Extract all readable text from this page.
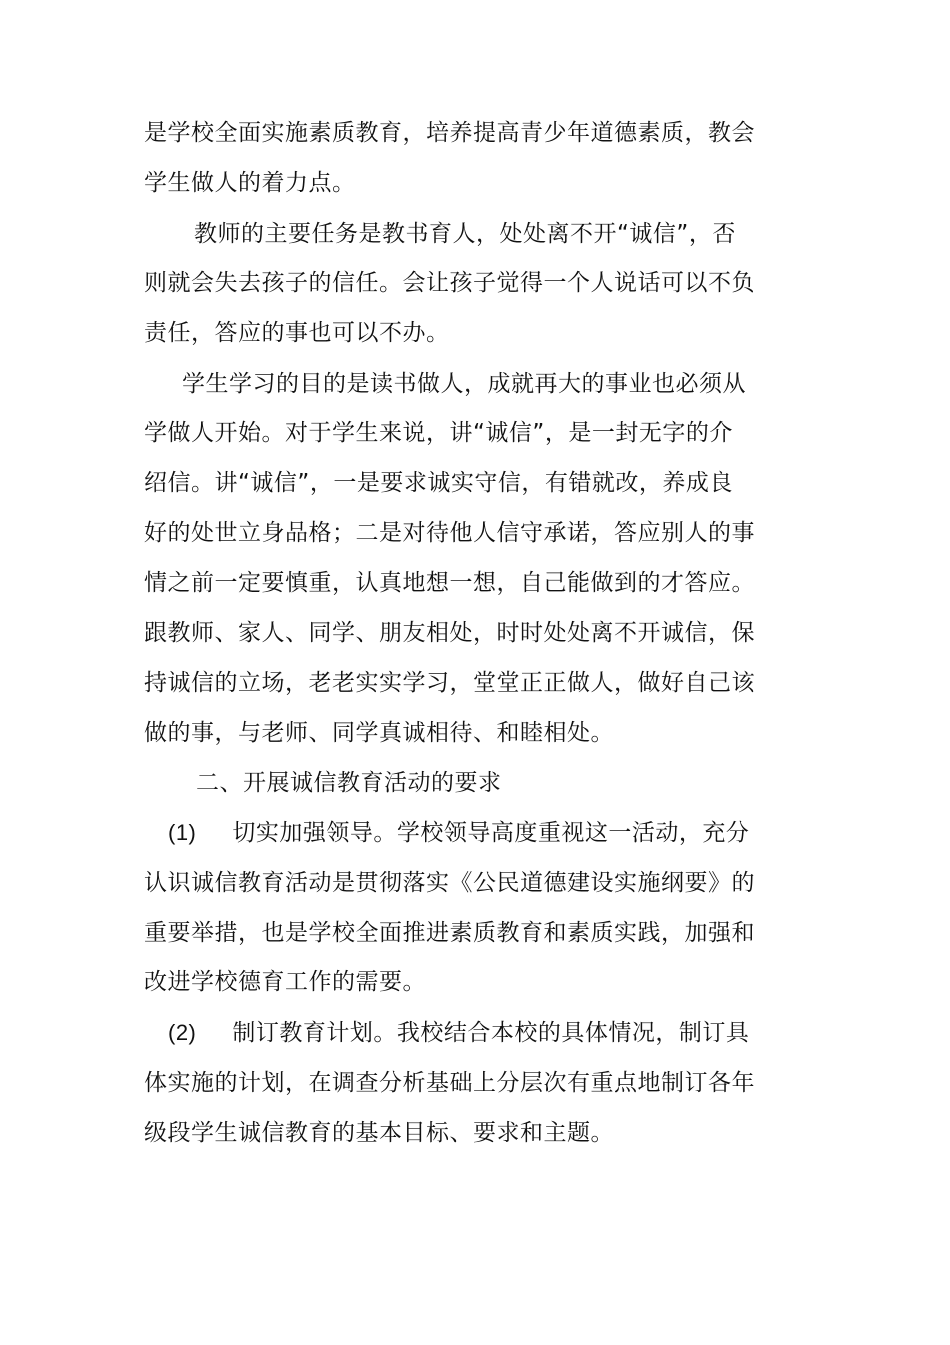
是学校全面实施素质教育，培养提高青少年道德素质，教会
学生做人的着力点。
教师的主要任务是教书育人，处处离不开“诚信”，否
则就会失去孩子的信任。会让孩子觉得一个人说话可以不负
责任，答应的事也可以不办。
学生学习的目的是读书做人，成就再大的事业也必须从
学做人开始。对于学生来说，讲“诚信”，是一封无字的介
绍信。讲“诚信”，一是要求诚实守信，有错就改，养成良
好的处世立身品格；二是对待他人信守承诺，答应别人的事
情之前一定要慎重，认真地想一想，自己能做到的才答应。
跟教师、家人、同学、朋友相处，时时处处离不开诚信，保
持诚信的立场，老老实实学习，堂堂正正做人，做好自己该
做的事，与老师、同学真诚相待、和睦相处。
二、开展诚信教育活动的要求
(1) 切实加强领导。学校领导高度重视这一活动，充分
认识诚信教育活动是贯彻落实《公民道德建设实施纲要》的
重要举措，也是学校全面推进素质教育和素质实践，加强和
改进学校德育工作的需要。
(2) 制订教育计划。我校结合本校的具体情况，制订具
体实施的计划，在调查分析基础上分层次有重点地制订各年
级段学生诚信教育的基本目标、要求和主题。
